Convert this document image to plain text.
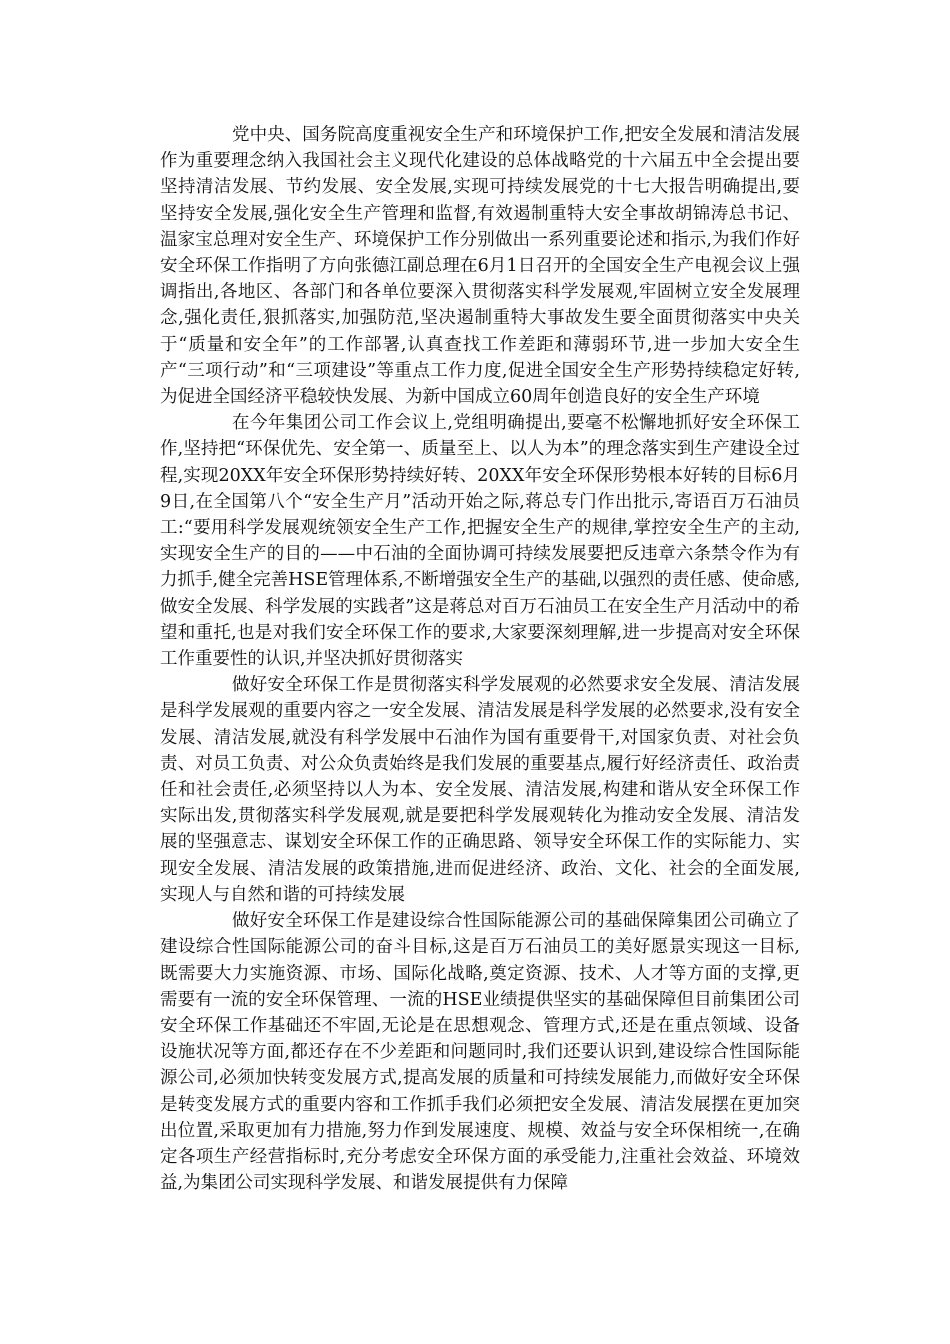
党中央、国务院高度重视安全生产和环境保护工作,把安全发展和清洁发展作为重要理念纳入我国社会主义现代化建设的总体战略党的十六届五中全会提出要坚持清洁发展、节约发展、安全发展,实现可持续发展党的十七大报告明确提出,要坚持安全发展,强化安全生产管理和监督,有效遏制重特大安全事故胡锦涛总书记、温家宝总理对安全生产、环境保护工作分别做出一系列重要论述和指示,为我们作好安全环保工作指明了方向张德江副总理在6月1日召开的全国安全生产电视会议上强调指出,各地区、各部门和各单位要深入贯彻落实科学发展观,牢固树立安全发展理念,强化责任,狠抓落实,加强防范,坚决遏制重特大事故发生要全面贯彻落实中央关于“质量和安全年”的工作部署,认真查找工作差距和薄弱环节,进一步加大安全生产“三项行动”和“三项建设”等重点工作力度,促进全国安全生产形势持续稳定好转,为促进全国经济平稳较快发展、为新中国成立60周年创造良好的安全生产环境

在今年集团公司工作会议上,党组明确提出,要毫不松懈地抓好安全环保工作,坚持把“环保优先、安全第一、质量至上、以人为本”的理念落实到生产建设全过程,实现20XX年安全环保形势持续好转、20XX年安全环保形势根本好转的目标6月9日,在全国第八个“安全生产月”活动开始之际,蒋总专门作出批示,寄语百万石油员工:“要用科学发展观统领安全生产工作,把握安全生产的规律,掌控安全生产的主动,实现安全生产的目的——中石油的全面协调可持续发展要把反违章六条禁令作为有力抓手,健全完善HSE管理体系,不断增强安全生产的基础,以强烈的责任感、使命感,做安全发展、科学发展的实践者”这是蒋总对百万石油员工在安全生产月活动中的希望和重托,也是对我们安全环保工作的要求,大家要深刻理解,进一步提高对安全环保工作重要性的认识,并坚决抓好贯彻落实

做好安全环保工作是贯彻落实科学发展观的必然要求安全发展、清洁发展是科学发展观的重要内容之一安全发展、清洁发展是科学发展的必然要求,没有安全发展、清洁发展,就没有科学发展中石油作为国有重要骨干,对国家负责、对社会负责、对员工负责、对公众负责始终是我们发展的重要基点,履行好经济责任、政治责任和社会责任,必须坚持以人为本、安全发展、清洁发展,构建和谐从安全环保工作实际出发,贯彻落实科学发展观,就是要把科学发展观转化为推动安全发展、清洁发展的坚强意志、谋划安全环保工作的正确思路、领导安全环保工作的实际能力、实现安全发展、清洁发展的政策措施,进而促进经济、政治、文化、社会的全面发展,实现人与自然和谐的可持续发展

做好安全环保工作是建设综合性国际能源公司的基础保障集团公司确立了建设综合性国际能源公司的奋斗目标,这是百万石油员工的美好愿景实现这一目标,既需要大力实施资源、市场、国际化战略,奠定资源、技术、人才等方面的支撑,更需要有一流的安全环保管理、一流的HSE业绩提供坚实的基础保障但目前集团公司安全环保工作基础还不牢固,无论是在思想观念、管理方式,还是在重点领域、设备设施状况等方面,都还存在不少差距和问题同时,我们还要认识到,建设综合性国际能源公司,必须加快转变发展方式,提高发展的质量和可持续发展能力,而做好安全环保是转变发展方式的重要内容和工作抓手我们必须把安全发展、清洁发展摆在更加突出位置,采取更加有力措施,努力作到发展速度、规模、效益与安全环保相统一,在确定各项生产经营指标时,充分考虑安全环保方面的承受能力,注重社会效益、环境效益,为集团公司实现科学发展、和谐发展提供有力保障
